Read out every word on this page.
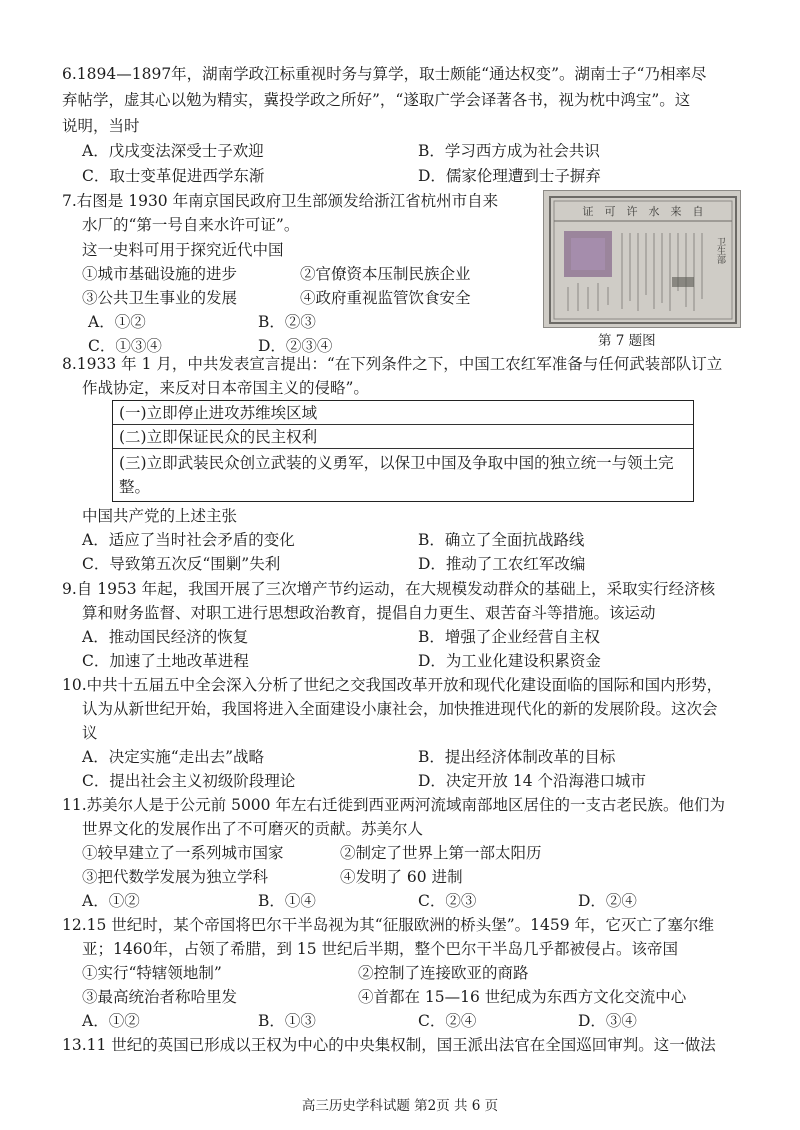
6.1894—1897年，湖南学政江标重视时务与算学，取士颇能“通达权变”。湖南士子“乃相率尽
弃帖学，虚其心以勉为精实，冀投学政之所好”，“遂取广学会译著各书，视为枕中鸿宝”。这
说明，当时
A．戊戌变法深受士子欢迎	B．学习西方成为社会共识
C．取士变革促进西学东渐	D．儒家伦理遭到士子摒弃
7.右图是 1930 年南京国民政府卫生部颁发给浙江省杭州市自来
水厂的“第一号自来水许可证”。
这一史料可用于探究近代中国
①城市基础设施的进步	②官僚资本压制民族企业
③公共卫生事业的发展	④政府重视监管饮食安全
A．①②	B．②③
C．①③④	D．②③④
证　可　许　水　来　自
卫生部
第 7 题图
8.1933 年 1 月，中共发表宣言提出：“在下列条件之下，中国工农红军准备与任何武装部队订立
作战协定，来反对日本帝国主义的侵略”。
(一)立即停止进攻苏维埃区域
(二)立即保证民众的民主权利
(三)立即武装民众创立武装的义勇军，以保卫中国及争取中国的独立统一与领土完整。
中国共产党的上述主张
A．适应了当时社会矛盾的变化	B．确立了全面抗战路线
C．导致第五次反“围剿”失利	D．推动了工农红军改编
9.自 1953 年起，我国开展了三次增产节约运动，在大规模发动群众的基础上，采取实行经济核
算和财务监督、对职工进行思想政治教育，提倡自力更生、艰苦奋斗等措施。该运动
A．推动国民经济的恢复	B．增强了企业经营自主权
C．加速了土地改革进程	D．为工业化建设积累资金
10.中共十五届五中全会深入分析了世纪之交我国改革开放和现代化建设面临的国际和国内形势，
认为从新世纪开始，我国将进入全面建设小康社会，加快推进现代化的新的发展阶段。这次会
议
A．决定实施“走出去”战略	B．提出经济体制改革的目标
C．提出社会主义初级阶段理论	D．决定开放 14 个沿海港口城市
11.苏美尔人是于公元前 5000 年左右迁徙到西亚两河流域南部地区居住的一支古老民族。他们为
世界文化的发展作出了不可磨灭的贡献。苏美尔人
①较早建立了一系列城市国家	②制定了世界上第一部太阳历
③把代数学发展为独立学科	④发明了 60 进制
A．①②	B．①④	C．②③	D．②④
12.15 世纪时，某个帝国将巴尔干半岛视为其“征服欧洲的桥头堡”。1459 年，它灭亡了塞尔维
亚；1460年，占领了希腊，到 15 世纪后半期，整个巴尔干半岛几乎都被侵占。该帝国
①实行“特辖领地制”	②控制了连接欧亚的商路
③最高统治者称哈里发	④首都在 15—16 世纪成为东西方文化交流中心
A．①②	B．①③	C．②④	D．③④
13.11 世纪的英国已形成以王权为中心的中央集权制，国王派出法官在全国巡回审判。这一做法
高三历史学科试题 第2页 共 6 页
